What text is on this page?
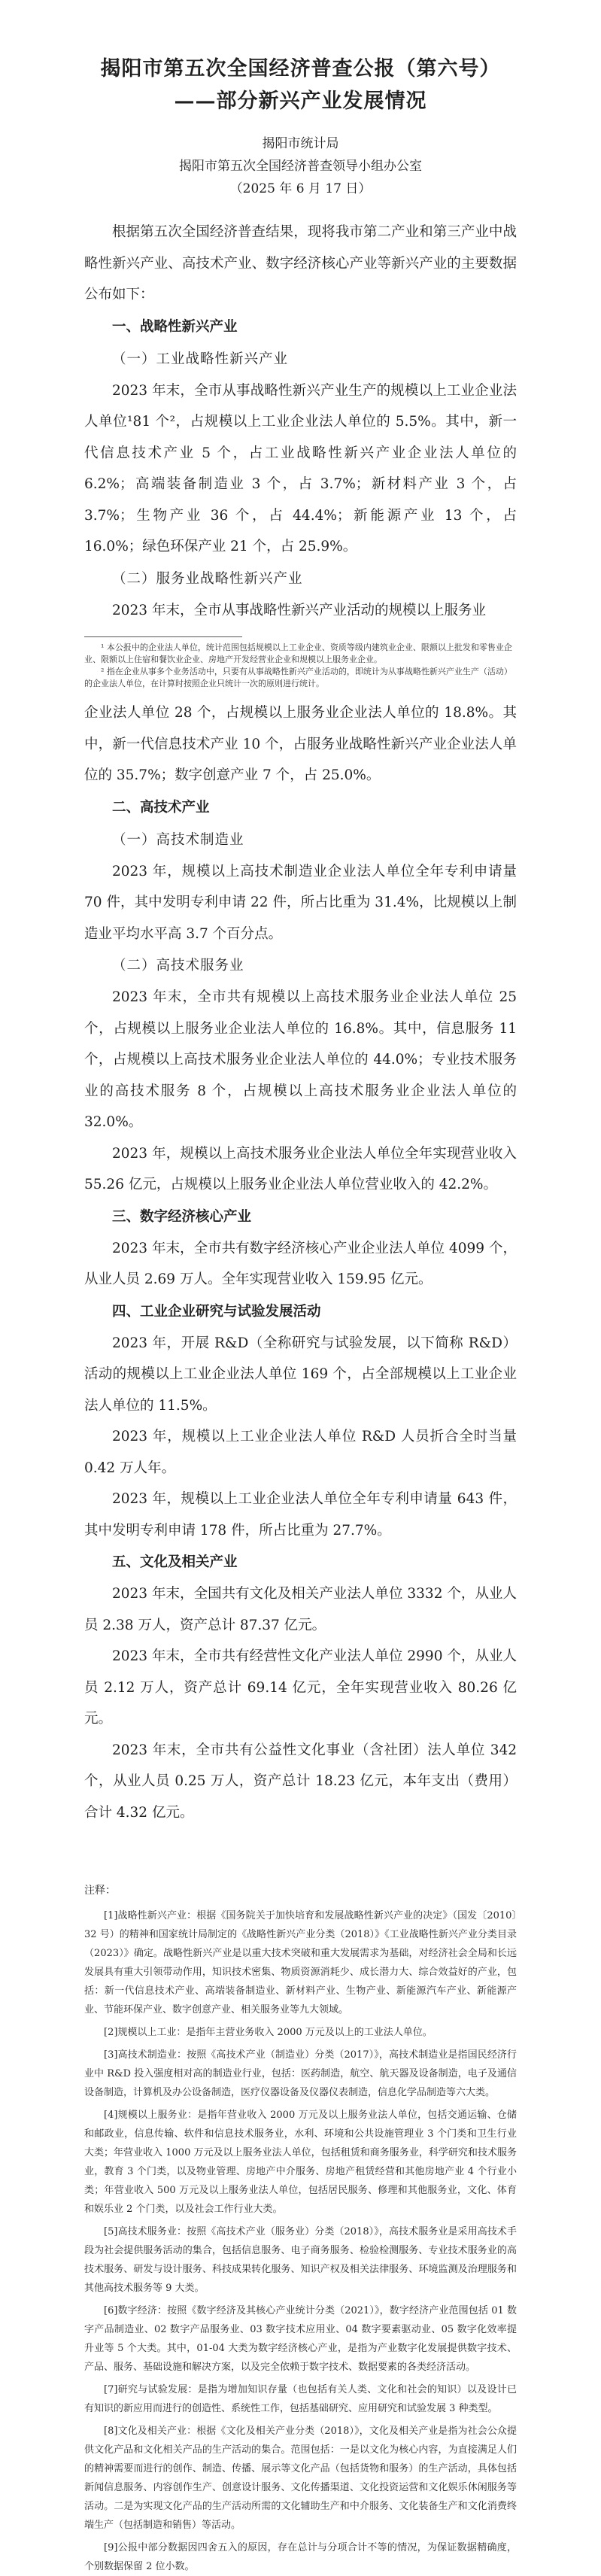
揭阳市第五次全国经济普查公报（第六号）
——部分新兴产业发展情况

揭阳市统计局

揭阳市第五次全国经济普查领导小组办公室

（2025 年 6 月 17 日）

根据第五次全国经济普查结果，现将我市第二产业和第三产业中战略性新兴产业、高技术产业、数字经济核心产业等新兴产业的主要数据公布如下：

一、战略性新兴产业
（一）工业战略性新兴产业

2023 年末，全市从事战略性新兴产业生产的规模以上工业企业法人单位¹81 个²，占规模以上工业企业法人单位的 5.5%。其中，新一代信息技术产业 5 个，占工业战略性新兴产业企业法人单位的 6.2%；高端装备制造业 3 个，占 3.7%；新材料产业 3 个，占 3.7%；生物产业 36 个，占 44.4%；新能源产业 13 个，占 16.0%；绿色环保产业 21 个，占 25.9%。

（二）服务业战略性新兴产业

2023 年末，全市从事战略性新兴产业活动的规模以上服务业

¹ 本公报中的企业法人单位，统计范围包括规模以上工业企业、资质等级内建筑业企业、限额以上批发和零售业企业、限额以上住宿和餐饮业企业、房地产开发经营业企业和规模以上服务业企业。

² 指在企业从事多个业务活动中，只要有从事战略性新兴产业活动的，即统计为从事战略性新兴产业生产（活动）的企业法人单位，在计算时按照企业只统计一次的原则进行统计。

企业法人单位 28 个，占规模以上服务业企业法人单位的 18.8%。其中，新一代信息技术产业 10 个，占服务业战略性新兴产业企业法人单位的 35.7%；数字创意产业 7 个，占 25.0%。

二、高技术产业
（一）高技术制造业

2023 年，规模以上高技术制造业企业法人单位全年专利申请量 70 件，其中发明专利申请 22 件，所占比重为 31.4%，比规模以上制造业平均水平高 3.7 个百分点。

（二）高技术服务业

2023 年末，全市共有规模以上高技术服务业企业法人单位 25 个，占规模以上服务业企业法人单位的 16.8%。其中，信息服务 11 个，占规模以上高技术服务业企业法人单位的 44.0%；专业技术服务业的高技术服务 8 个，占规模以上高技术服务业企业法人单位的 32.0%。

2023 年，规模以上高技术服务业企业法人单位全年实现营业收入 55.26 亿元，占规模以上服务业企业法人单位营业收入的 42.2%。

三、数字经济核心产业

2023 年末，全市共有数字经济核心产业企业法人单位 4099 个，从业人员 2.69 万人。全年实现营业收入 159.95 亿元。

四、工业企业研究与试验发展活动

2023 年，开展 R&D（全称研究与试验发展，以下简称 R&D）活动的规模以上工业企业法人单位 169 个，占全部规模以上工业企业法人单位的 11.5%。

2023 年，规模以上工业企业法人单位 R&D 人员折合全时当量 0.42 万人年。

2023 年，规模以上工业企业法人单位全年专利申请量 643 件，其中发明专利申请 178 件，所占比重为 27.7%。

五、文化及相关产业

2023 年末，全国共有文化及相关产业法人单位 3332 个，从业人员 2.38 万人，资产总计 87.37 亿元。

2023 年末，全市共有经营性文化产业法人单位 2990 个，从业人员 2.12 万人，资产总计 69.14 亿元，全年实现营业收入 80.26 亿元。

2023 年末，全市共有公益性文化事业（含社团）法人单位 342 个，从业人员 0.25 万人，资产总计 18.23 亿元，本年支出（费用）合计 4.32 亿元。

注释：

[1]战略性新兴产业：根据《国务院关于加快培育和发展战略性新兴产业的决定》（国发〔2010〕32 号）的精神和国家统计局制定的《战略性新兴产业分类（2018）》《工业战略性新兴产业分类目录（2023）》确定。战略性新兴产业是以重大技术突破和重大发展需求为基础，对经济社会全局和长远发展具有重大引领带动作用，知识技术密集、物质资源消耗少、成长潜力大、综合效益好的产业，包括：新一代信息技术产业、高端装备制造业、新材料产业、生物产业、新能源汽车产业、新能源产业、节能环保产业、数字创意产业、相关服务业等九大领域。

[2]规模以上工业：是指年主营业务收入 2000 万元及以上的工业法人单位。

[3]高技术制造业：按照《高技术产业（制造业）分类（2017）》，高技术制造业是指国民经济行业中 R&D 投入强度相对高的制造业行业，包括：医药制造，航空、航天器及设备制造，电子及通信设备制造，计算机及办公设备制造，医疗仪器设备及仪器仪表制造，信息化学品制造等六大类。

[4]规模以上服务业：是指年营业收入 2000 万元及以上服务业法人单位，包括交通运输、仓储和邮政业，信息传输、软件和信息技术服务业，水利、环境和公共设施管理业 3 个门类和卫生行业大类；年营业收入 1000 万元及以上服务业法人单位，包括租赁和商务服务业，科学研究和技术服务业，教育 3 个门类，以及物业管理、房地产中介服务、房地产租赁经营和其他房地产业 4 个行业小类；年营业收入 500 万元及以上服务业法人单位，包括居民服务、修理和其他服务业，文化、体育和娱乐业 2 个门类，以及社会工作行业大类。

[5]高技术服务业：按照《高技术产业（服务业）分类（2018）》，高技术服务业是采用高技术手段为社会提供服务活动的集合，包括信息服务、电子商务服务、检验检测服务、专业技术服务业的高技术服务、研发与设计服务、科技成果转化服务、知识产权及相关法律服务、环境监测及治理服务和其他高技术服务等 9 大类。

[6]数字经济：按照《数字经济及其核心产业统计分类（2021）》，数字经济产业范围包括 01 数字产品制造业、02 数字产品服务业、03 数字技术应用业、04 数字要素驱动业、05 数字化效率提升业等 5 个大类。其中，01-04 大类为数字经济核心产业，是指为产业数字化发展提供数字技术、产品、服务、基础设施和解决方案，以及完全依赖于数字技术、数据要素的各类经济活动。

[7]研究与试验发展：是指为增加知识存量（也包括有关人类、文化和社会的知识）以及设计已有知识的新应用而进行的创造性、系统性工作，包括基础研究、应用研究和试验发展 3 种类型。

[8]文化及相关产业：根据《文化及相关产业分类（2018）》，文化及相关产业是指为社会公众提供文化产品和文化相关产品的生产活动的集合。范围包括：一是以文化为核心内容，为直接满足人们的精神需要而进行的创作、制造、传播、展示等文化产品（包括货物和服务）的生产活动，具体包括新闻信息服务、内容创作生产、创意设计服务、文化传播渠道、文化投资运营和文化娱乐休闲服务等活动。二是为实现文化产品的生产活动所需的文化辅助生产和中介服务、文化装备生产和文化消费终端生产（包括制造和销售）等活动。

[9]公报中部分数据因四舍五入的原因，存在总计与分项合计不等的情况，为保证数据精确度，个别数据保留 2 位小数。
